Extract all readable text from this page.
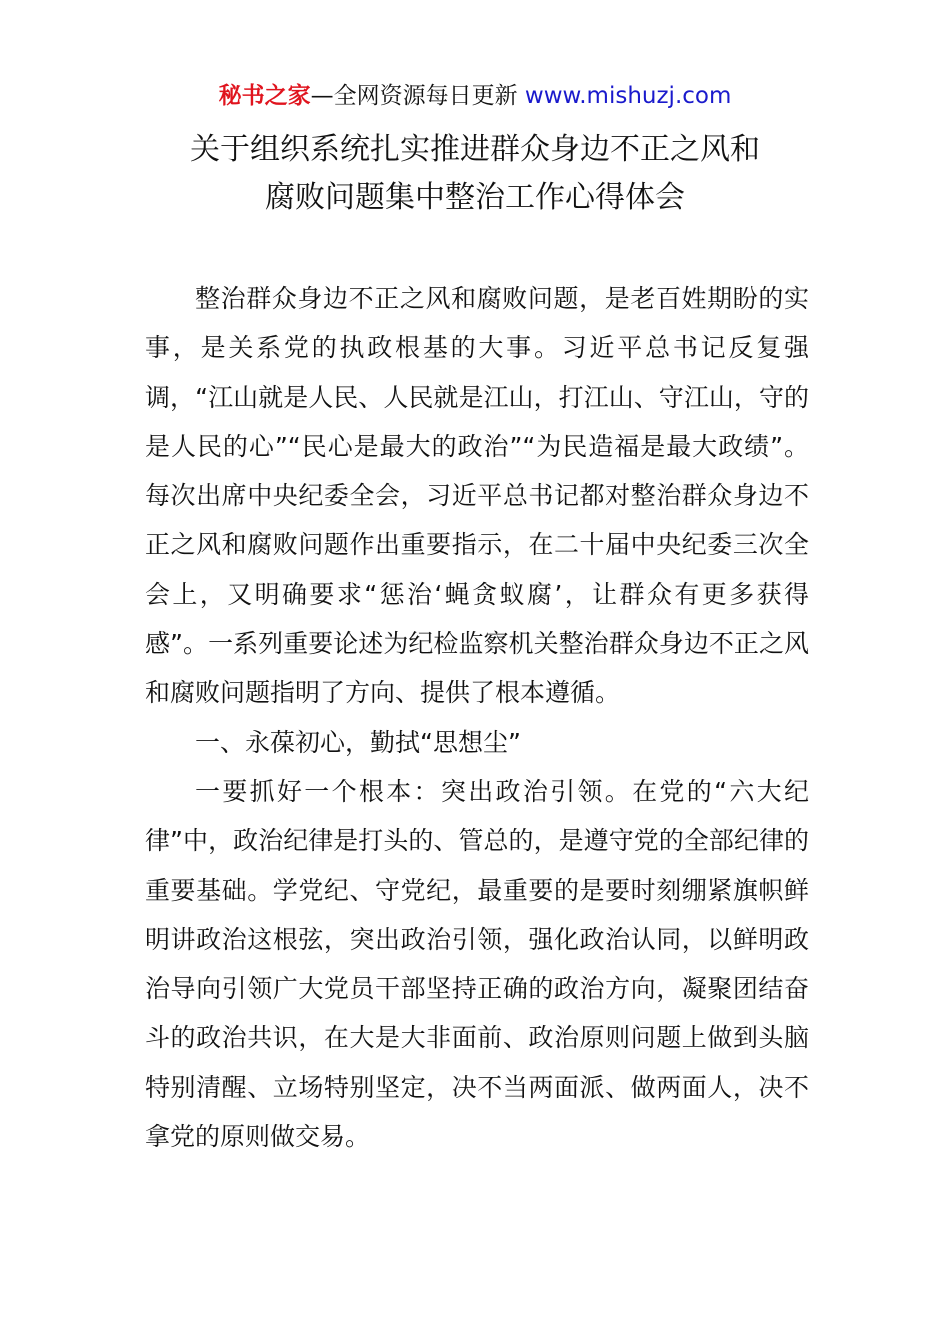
秘书之家—全网资源每日更新 www.mishuzj.com
关于组织系统扎实推进群众身边不正之风和
腐败问题集中整治工作心得体会

整治群众身边不正之风和腐败问题，是老百姓期盼的实事，是关系党的执政根基的大事。习近平总书记反复强调，“江山就是人民、人民就是江山，打江山、守江山，守的是人民的心”“民心是最大的政治”“为民造福是最大政绩”。每次出席中央纪委全会，习近平总书记都对整治群众身边不正之风和腐败问题作出重要指示，在二十届中央纪委三次全会上，又明确要求“惩治‘蝇贪蚁腐’，让群众有更多获得感”。一系列重要论述为纪检监察机关整治群众身边不正之风和腐败问题指明了方向、提供了根本遵循。

一、永葆初心，勤拭“思想尘”

一要抓好一个根本：突出政治引领。在党的“六大纪律”中，政治纪律是打头的、管总的，是遵守党的全部纪律的重要基础。学党纪、守党纪，最重要的是要时刻绷紧旗帜鲜明讲政治这根弦，突出政治引领，强化政治认同，以鲜明政治导向引领广大党员干部坚持正确的政治方向，凝聚团结奋斗的政治共识，在大是大非面前、政治原则问题上做到头脑特别清醒、立场特别坚定，决不当两面派、做两面人，决不拿党的原则做交易。
